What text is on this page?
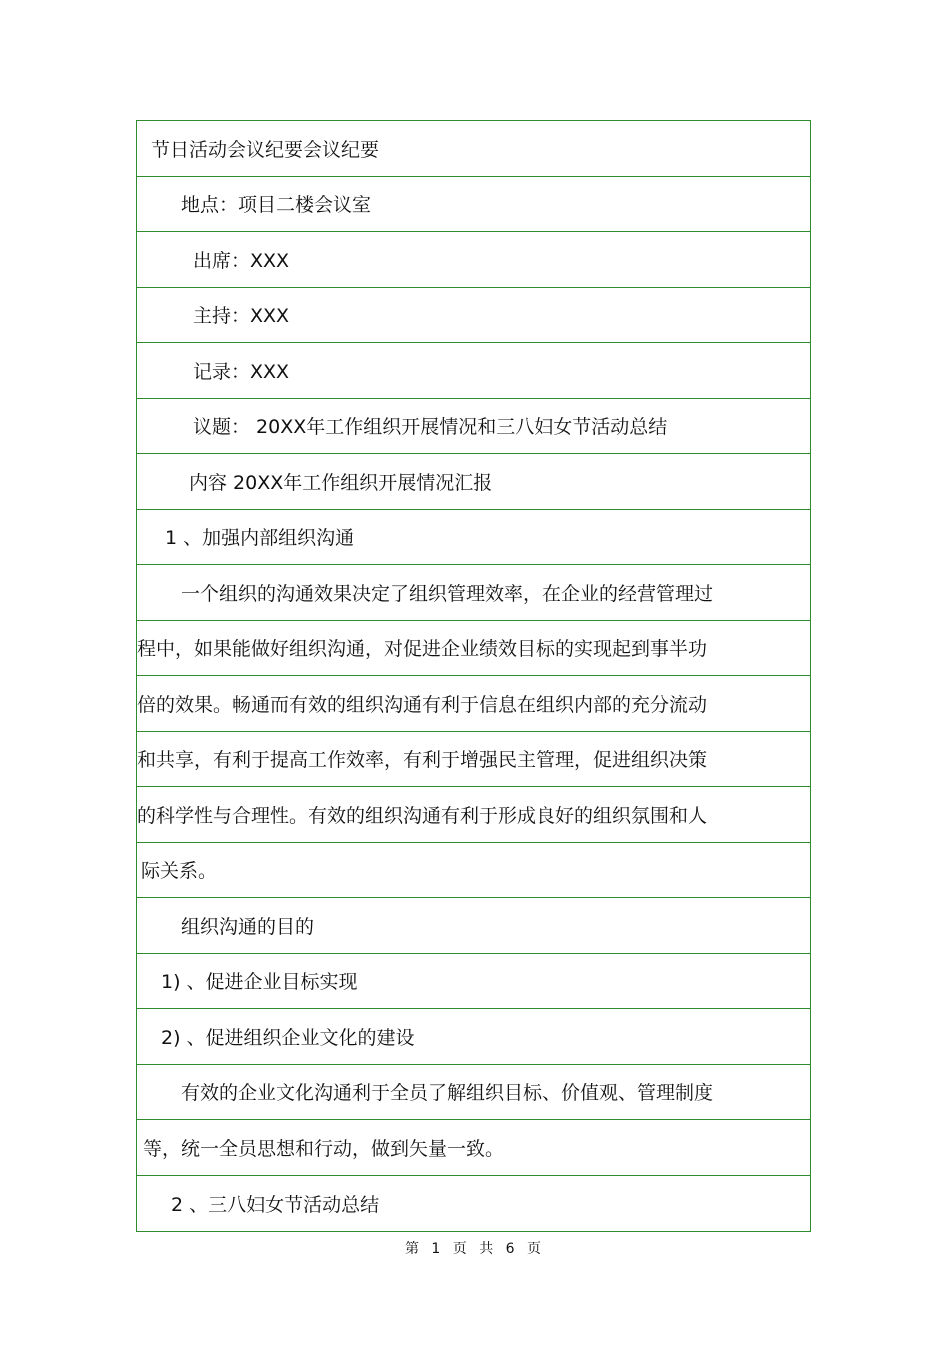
节日活动会议纪要会议纪要
地点：项目二楼会议室
出席：XXX
主持：XXX
记录：XXX
议题： 20XX年工作组织开展情况和三八妇女节活动总结
内容 20XX年工作组织开展情况汇报
1 、加强内部组织沟通
一个组织的沟通效果决定了组织管理效率，在企业的经营管理过
程中，如果能做好组织沟通，对促进企业绩效目标的实现起到事半功
倍的效果。畅通而有效的组织沟通有利于信息在组织内部的充分流动
和共享，有利于提高工作效率，有利于增强民主管理，促进组织决策
的科学性与合理性。有效的组织沟通有利于形成良好的组织氛围和人
际关系。
组织沟通的目的
1) 、促进企业目标实现
2) 、促进组织企业文化的建设
有效的企业文化沟通利于全员了解组织目标、价值观、管理制度
等，统一全员思想和行动，做到矢量一致。
2 、三八妇女节活动总结
第 1 页 共 6 页
